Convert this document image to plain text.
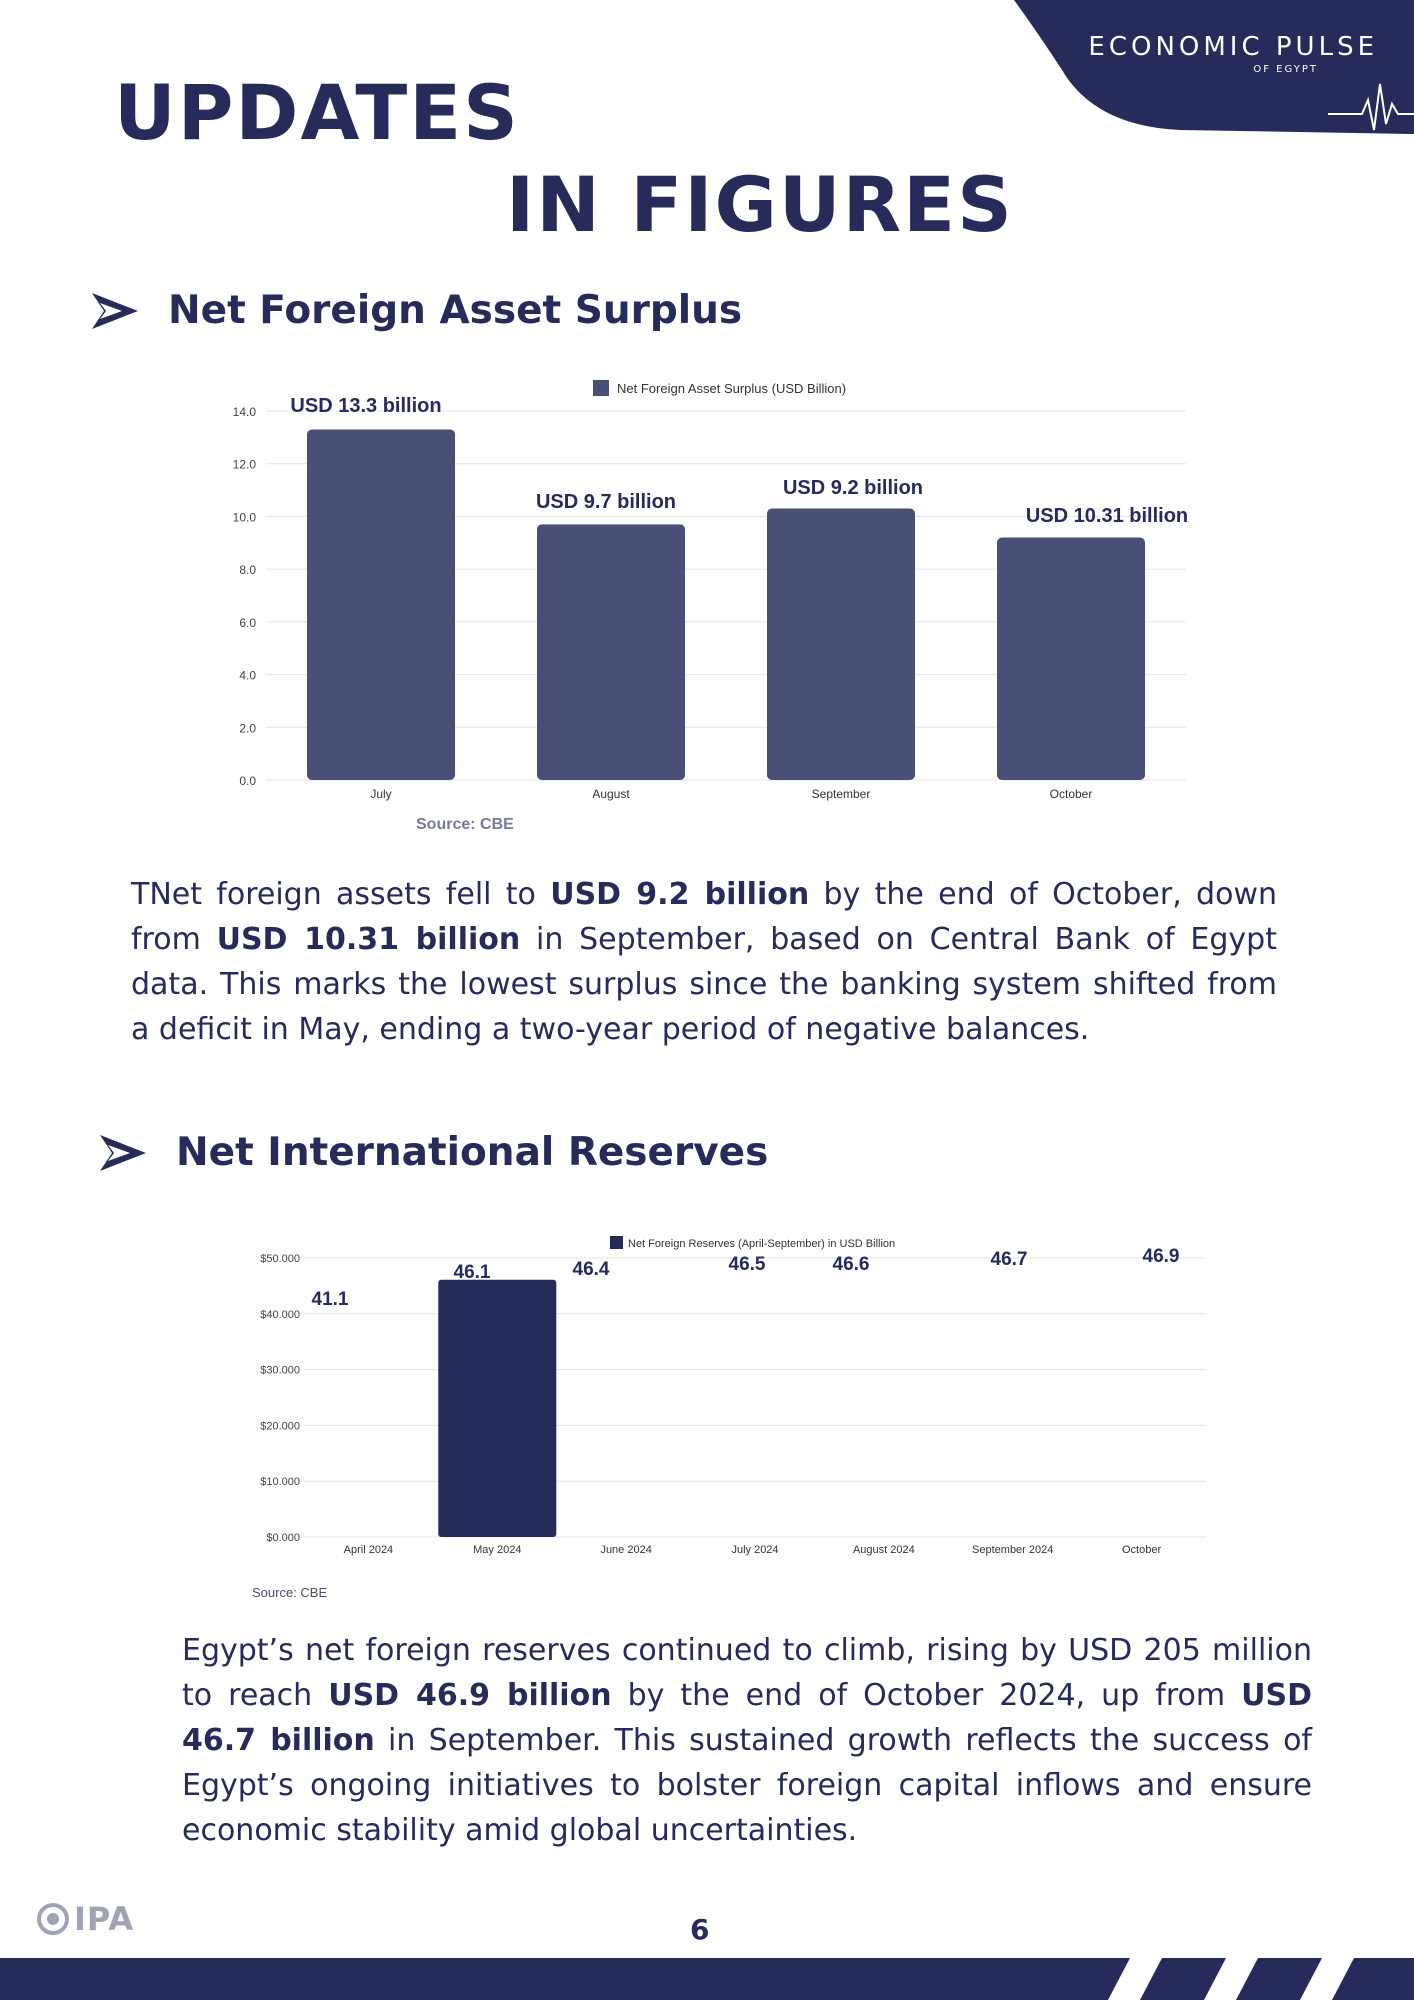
ECONOMIC PULSE
OF EGYPT
UPDATES
IN FIGURES
Net Foreign Asset Surplus
0.0
2.0
4.0
6.0
8.0
10.0
12.0
14.0
Net Foreign Asset Surplus (USD Billion)
July
USD 13.3 billion
August
USD 9.7 billion
September
USD 9.2 billion
October
USD 10.31 billion
Source: CBE
TNet foreign assets fell to USD 9.2 billion by the end of October, down from USD 10.31 billion in September, based on Central Bank of Egypt data. This marks the lowest surplus since the banking system shifted from a deficit in May, ending a two-year period of negative balances.
Net International Reserves
$0.000
$10.000
$20.000
$30.000
$40.000
$50.000
Net Foreign Reserves (April-September) in USD Billion
April 2024
41.1
May 2024
46.1
June 2024
46.4
July 2024
46.5
August 2024
46.6
September 2024
46.7
October
46.9
Source: CBE
Egypt’s net foreign reserves continued to climb, rising by USD 205 million to reach USD 46.9 billion by the end of October 2024, up from USD 46.7 billion in September. This sustained growth reflects the success of Egypt’s ongoing initiatives to bolster foreign capital inflows and ensure economic stability amid global uncertainties.
IPA	6
